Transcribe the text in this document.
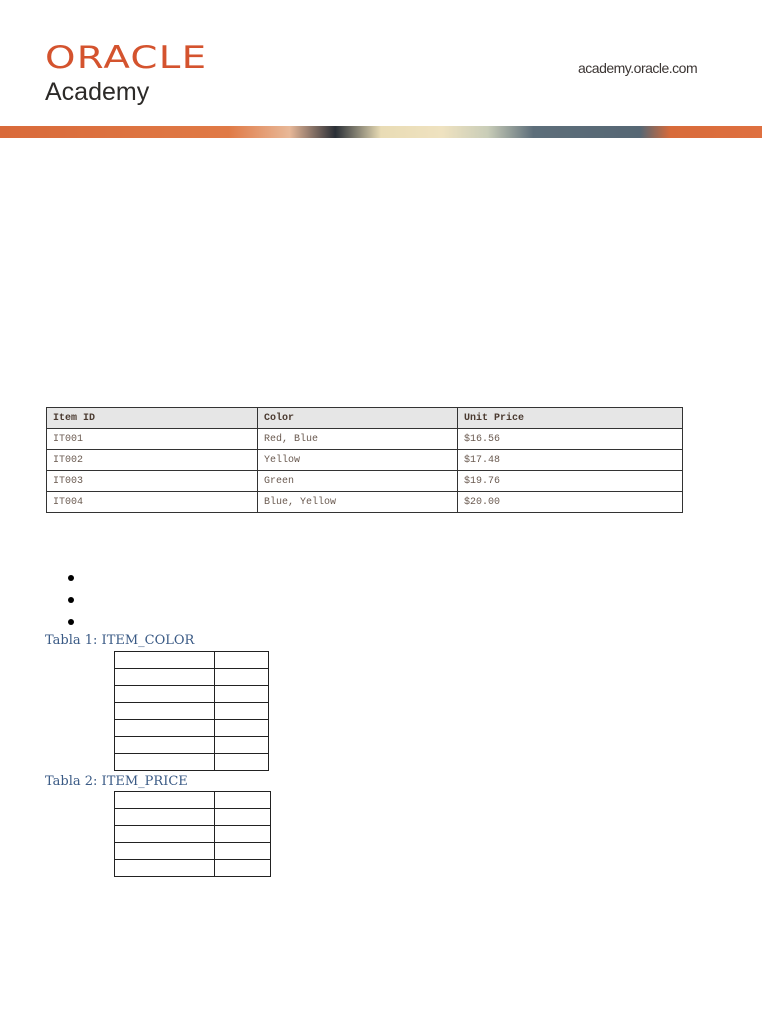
ORACLE
Academy
academy.oracle.com
Item ID	Color	Unit Price
IT001	Red, Blue	$16.56
IT002	Yellow	$17.48
IT003	Green	$19.76
IT004	Blue, Yellow	$20.00
Tabla 1: ITEM_COLOR

Tabla 2: ITEM_PRICE
